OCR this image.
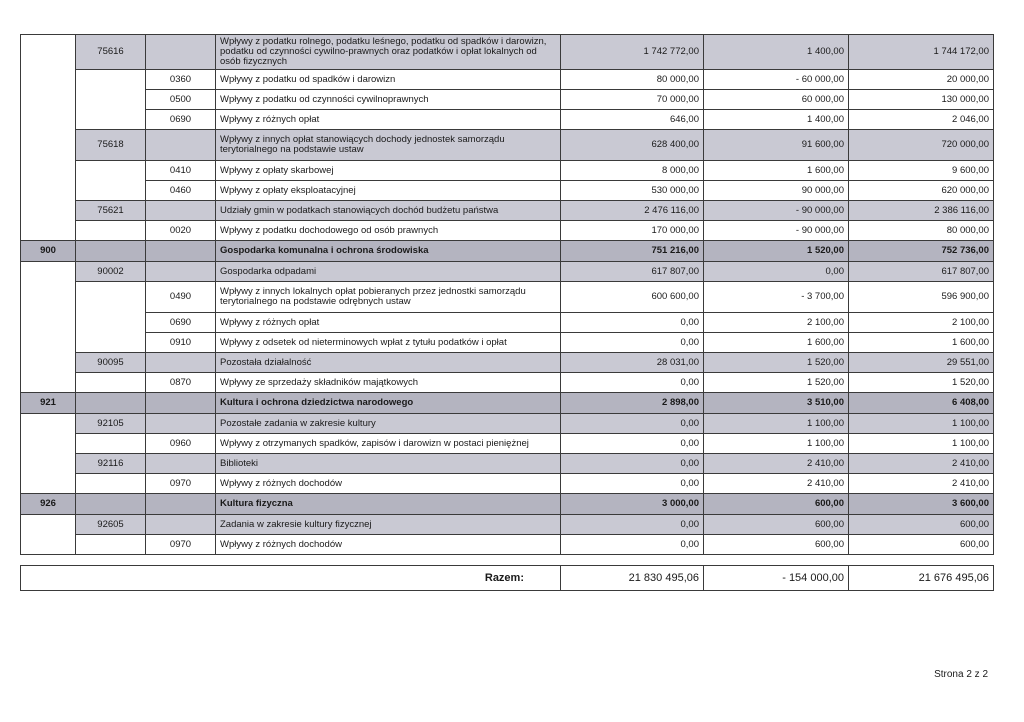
	75616		Wpływy z podatku rolnego, podatku leśnego, podatku od spadków i darowizn, podatku od czynności cywilno-prawnych oraz podatków i opłat lokalnych od osób fizycznych	1 742 772,00	1 400,00	1 744 172,00
		0360	Wpływy z podatku od spadków i darowizn	80 000,00	- 60 000,00	20 000,00
		0500	Wpływy z podatku od czynności cywilnoprawnych	70 000,00	60 000,00	130 000,00
		0690	Wpływy z różnych opłat	646,00	1 400,00	2 046,00
	75618		Wpływy z innych opłat stanowiących dochody jednostek samorządu terytorialnego na podstawie ustaw	628 400,00	91 600,00	720 000,00
		0410	Wpływy z opłaty skarbowej	8 000,00	1 600,00	9 600,00
		0460	Wpływy z opłaty eksploatacyjnej	530 000,00	90 000,00	620 000,00
	75621		Udziały gmin w podatkach stanowiących dochód budżetu państwa	2 476 116,00	- 90 000,00	2 386 116,00
		0020	Wpływy z podatku dochodowego od osób prawnych	170 000,00	- 90 000,00	80 000,00
900			Gospodarka komunalna i ochrona środowiska	751 216,00	1 520,00	752 736,00
	90002		Gospodarka odpadami	617 807,00	0,00	617 807,00
		0490	Wpływy z innych lokalnych opłat pobieranych przez jednostki samorządu terytorialnego na podstawie odrębnych ustaw	600 600,00	- 3 700,00	596 900,00
		0690	Wpływy z różnych opłat	0,00	2 100,00	2 100,00
		0910	Wpływy z odsetek od nieterminowych wpłat z tytułu podatków i opłat	0,00	1 600,00	1 600,00
	90095		Pozostała działalność	28 031,00	1 520,00	29 551,00
		0870	Wpływy ze sprzedaży składników majątkowych	0,00	1 520,00	1 520,00
921			Kultura i ochrona dziedzictwa narodowego	2 898,00	3 510,00	6 408,00
	92105		Pozostałe zadania w zakresie kultury	0,00	1 100,00	1 100,00
		0960	Wpływy z otrzymanych spadków, zapisów i darowizn w postaci pieniężnej	0,00	1 100,00	1 100,00
	92116		Biblioteki	0,00	2 410,00	2 410,00
		0970	Wpływy z różnych dochodów	0,00	2 410,00	2 410,00
926			Kultura fizyczna	3 000,00	600,00	3 600,00
	92605		Zadania w zakresie kultury fizycznej	0,00	600,00	600,00
		0970	Wpływy z różnych dochodów	0,00	600,00	600,00
Razem:	21 830 495,06	- 154 000,00	21 676 495,06
Strona 2 z 2
